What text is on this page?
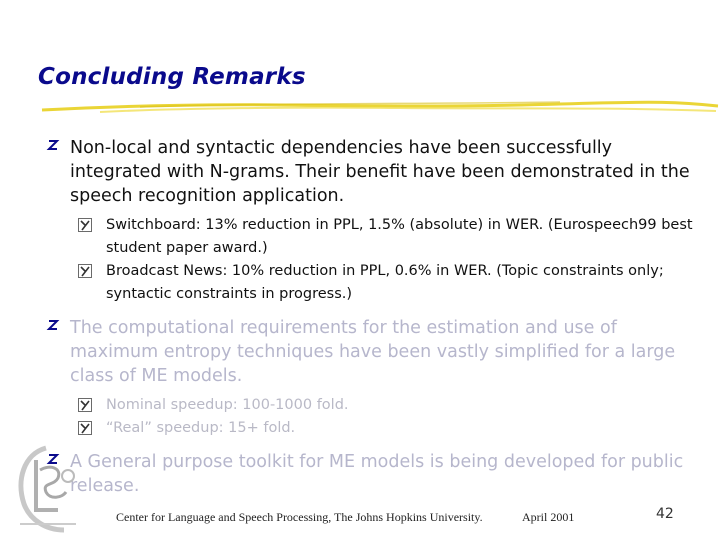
Concluding Remarks
Non-local and syntactic dependencies have been successfully integrated with N-grams. Their benefit have been demonstrated in the speech recognition application.
Switchboard: 13% reduction in PPL, 1.5% (absolute) in WER. (Eurospeech99 best student paper award.)
Broadcast News: 10% reduction in PPL, 0.6% in WER. (Topic constraints only; syntactic constraints in progress.)
The computational requirements for the estimation and use of maximum entropy techniques have been vastly simplified for a large class of ME models.
Nominal speedup: 100-1000 fold.
“Real” speedup: 15+ fold.
A General purpose toolkit for ME models is being developed for public release.
Center for Language and Speech Processing, The Johns Hopkins University.	April 2001	42
